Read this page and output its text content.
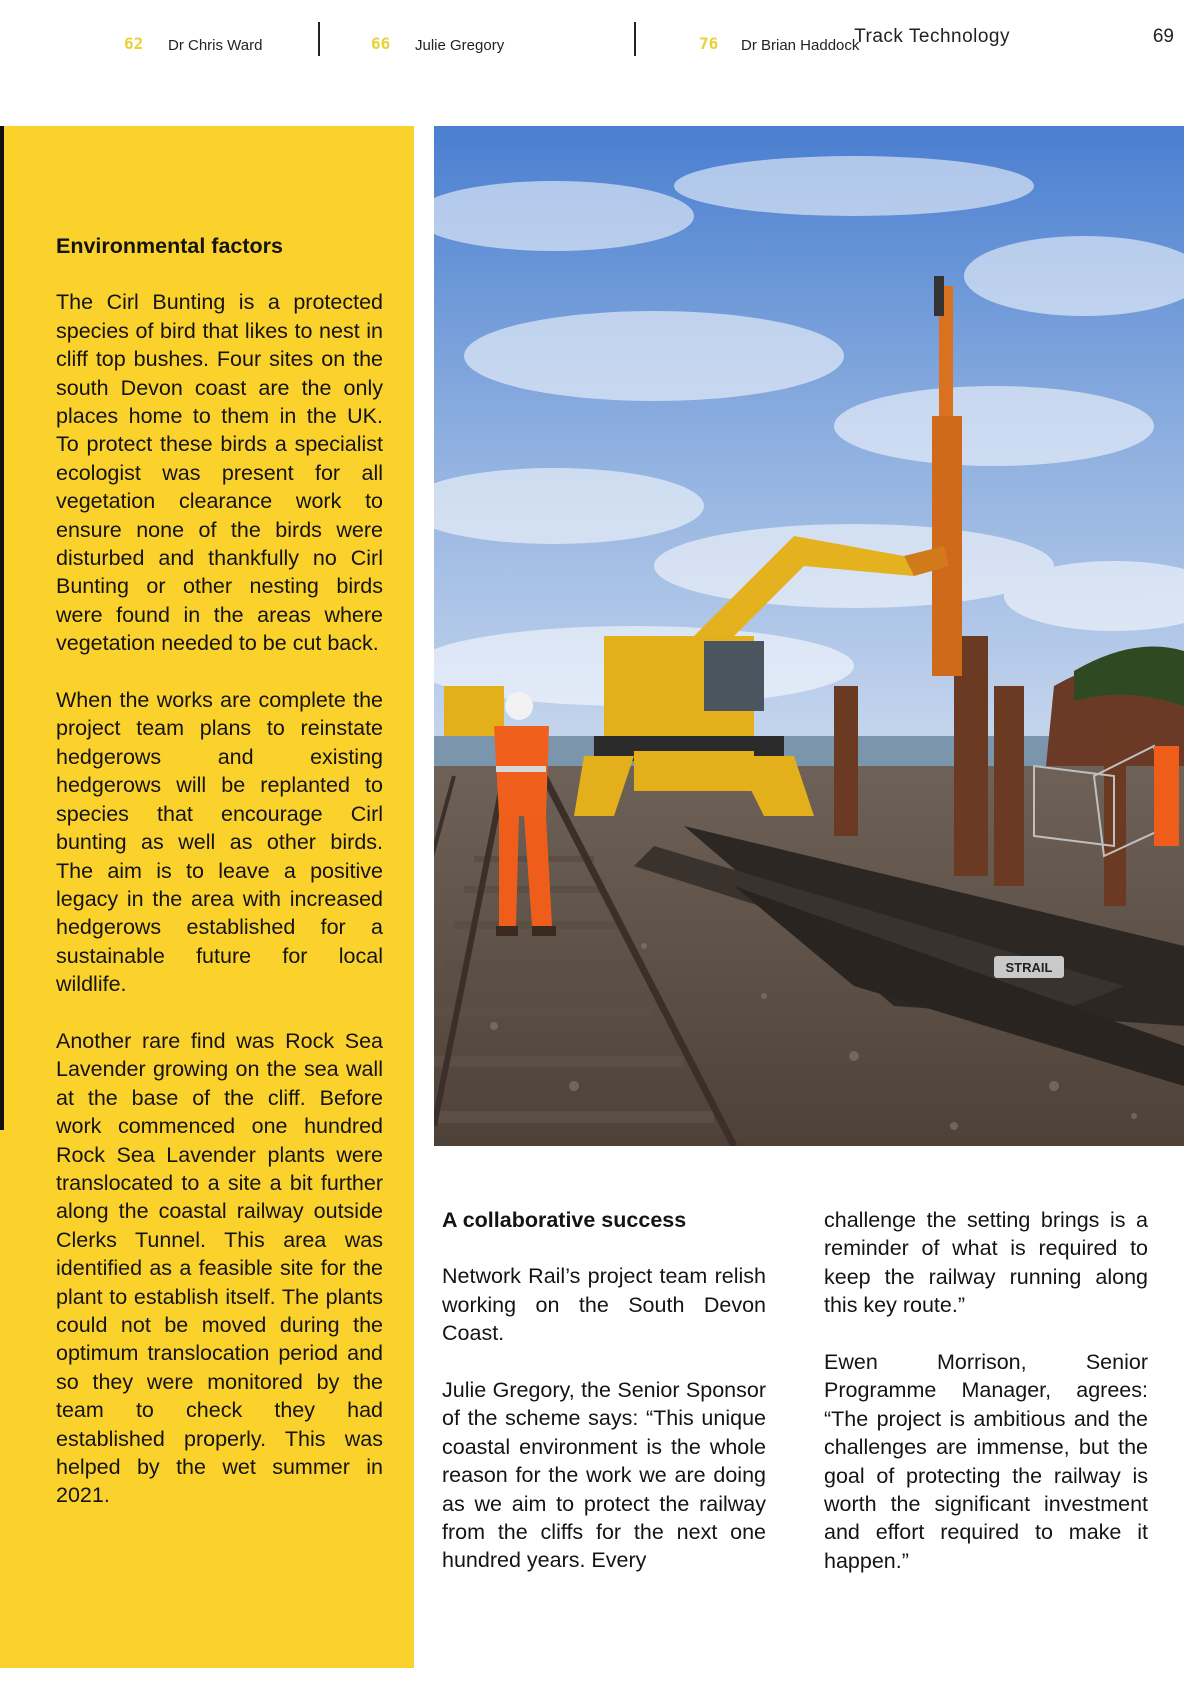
62 Dr Chris Ward	66 Julie Gregory	76 Dr Brian Haddock
Track Technology	69
Environmental factors

The Cirl Bunting is a protected species of bird that likes to nest in cliff top bushes. Four sites on the south Devon coast are the only places home to them in the UK. To protect these birds a specialist ecologist was present for all vegetation clearance work to ensure none of the birds were disturbed and thankfully no Cirl Bunting or other nesting birds were found in the areas where vegetation needed to be cut back.

When the works are complete the project team plans to reinstate hedgerows and existing hedgerows will be replanted to species that encourage Cirl bunting as well as other birds. The aim is to leave a positive legacy in the area with increased hedgerows established for a sustainable future for local wildlife.

Another rare find was Rock Sea Lavender growing on the sea wall at the base of the cliff. Before work commenced one hundred Rock Sea Lavender plants were translocated to a site a bit further along the coastal railway outside Clerks Tunnel. This area was identified as a feasible site for the plant to establish itself. The plants could not be moved during the optimum translocation period and so they were monitored by the team to check they had established properly. This was helped by the wet summer in 2021.

STRAIL
A collaborative success

Network Rail’s project team relish working on the South Devon Coast.

Julie Gregory, the Senior Sponsor of the scheme says: “This unique coastal environment is the whole reason for the work we are doing as we aim to protect the railway from the cliffs for the next one hundred years. Every

challenge the setting brings is a reminder of what is required to keep the railway running along this key route.”

Ewen Morrison, Senior Programme Manager, agrees: “The project is ambitious and the challenges are immense, but the goal of protecting the railway is worth the significant investment and effort required to make it happen.”
